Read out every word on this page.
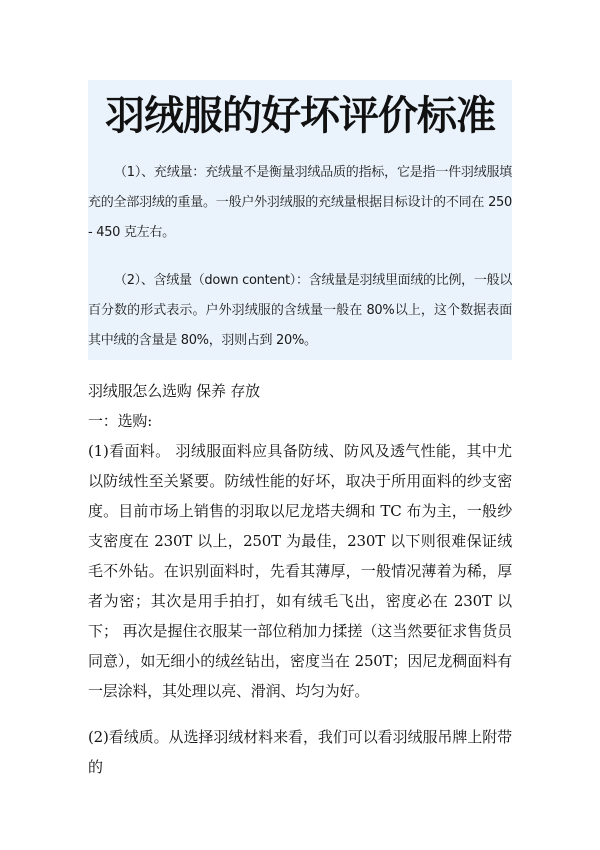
羽绒服的好坏评价标准

（1）、充绒量：充绒量不是衡量羽绒品质的指标，它是指一件羽绒服填充的全部羽绒的重量。一般户外羽绒服的充绒量根据目标设计的不同在 250 - 450 克左右。

（2）、含绒量（down content）：含绒量是羽绒里面绒的比例，一般以百分数的形式表示。户外羽绒服的含绒量一般在 80%以上，这个数据表面其中绒的含量是 80%，羽则占到 20%。

羽绒服怎么选购 保养 存放

一：选购:

(1)看面料。 羽绒服面料应具备防绒、防风及透气性能，其中尤以防绒性至关紧要。防绒性能的好坏，取决于所用面料的纱支密度。目前市场上销售的羽取以尼龙塔夫绸和 TC 布为主，一般纱支密度在 230T 以上，250T 为最佳，230T 以下则很难保证绒毛不外钻。在识别面料时，先看其薄厚，一般情况薄着为稀，厚者为密；其次是用手拍打，如有绒毛飞出，密度必在 230T 以下； 再次是握住衣服某一部位稍加力揉搓（这当然要征求售货员同意），如无细小的绒丝钻出，密度当在 250T；因尼龙稠面料有一层涂料，其处理以亮、滑润、均匀为好。

(2)看绒质。从选择羽绒材料来看，我们可以看羽绒服吊牌上附带的
